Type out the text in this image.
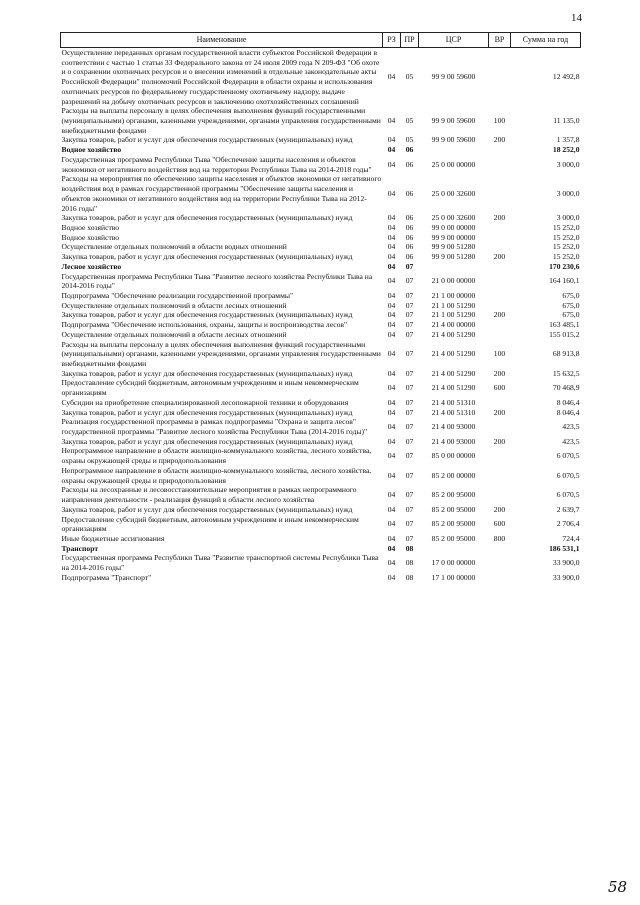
14
Наименование	РЗ	ПР	ЦСР	ВР	Сумма на год
Осуществление переданных органам государственной власти субъектов Российской Федерации в соответствии с частью 1 статьи 33 Федерального закона от 24 июля 2009 года N 209-ФЗ "Об охоте и о сохранении охотничьих ресурсов и о внесении изменений в отдельные законодательные акты Российской Федерации" полномочий Российской Федерации в области охраны и использования охотничьих ресурсов по федеральному государственному охотничьему надзору, выдаче разрешений на добычу охотничьих ресурсов и заключению охотхозяйственных соглашений	04	05	99 9 00 59600		12 492,8
Расходы на выплаты персоналу в целях обеспечения выполнения функций государственными (муниципальными) органами, казенными учреждениями, органами управления государственными внебюджетными фондами	04	05	99 9 00 59600	100	11 135,0
Закупка товаров, работ и услуг для обеспечения государственных (муниципальных) нужд	04	05	99 9 00 59600	200	1 357,8
Водное хозяйство	04	06			18 252,0
Государственная программа Республики Тыва "Обеспечение защиты населения и объектов экономики от негативного воздействия вод на территории Республики Тыва на 2014-2018 годы"	04	06	25 0 00 00000		3 000,0
Расходы на мероприятия по обеспечению защиты населения и объектов экономики от негативного воздействия вод в рамках государственной программы "Обеспечение защиты населения и объектов экономики от негативного воздействия вод на территории Республики Тыва на 2012-2016 годы"	04	06	25 0 00 32600		3 000,0
Закупка товаров, работ и услуг для обеспечения государственных (муниципальных) нужд	04	06	25 0 00 32600	200	3 000,0
Водное хозяйство	04	06	99 0 00 00000		15 252,0
Водное хозяйство	04	06	99 9 00 00000		15 252,0
Осуществление отдельных полномочий в области водных отношений	04	06	99 9 00 51280		15 252,0
Закупка товаров, работ и услуг для обеспечения государственных (муниципальных) нужд	04	06	99 9 00 51280	200	15 252,0
Лесное хозяйство	04	07			170 230,6
Государственная программа Республики Тыва "Развитие лесного хозяйства Республики Тыва на 2014-2016 годы"	04	07	21 0 00 00000		164 160,1
Подпрограмма "Обеспечение реализации государственной программы"	04	07	21 1 00 00000		675,0
Осуществление отдельных полномочий в области лесных отношений	04	07	21 1 00 51290		675,0
Закупка товаров, работ и услуг для обеспечения государственных (муниципальных) нужд	04	07	21 1 00 51290	200	675,0
Подпрограмма "Обеспечение использования, охраны, защиты и воспроизводства лесов"	04	07	21 4 00 00000		163 485,1
Осуществление отдельных полномочий в области лесных отношений	04	07	21 4 00 51290		155 015,2
Расходы на выплаты персоналу в целях обеспечения выполнения функций государственными (муниципальными) органами, казенными учреждениями, органами управления государственными внебюджетными фондами	04	07	21 4 00 51290	100	68 913,8
Закупка товаров, работ и услуг для обеспечения государственных (муниципальных) нужд	04	07	21 4 00 51290	200	15 632,5
Предоставление субсидий бюджетным, автономным учреждениям и иным некоммерческим организациям	04	07	21 4 00 51290	600	70 468,9
Субсидии на приобретение специализированной лесопожарной техники и оборудования	04	07	21 4 00 51310		8 046,4
Закупка товаров, работ и услуг для обеспечения государственных (муниципальных) нужд	04	07	21 4 00 51310	200	8 046,4
Реализация государственной программы в рамках подпрограммы "Охрана и защита лесов" государственной программы "Развитие лесного хозяйства Республики Тыва (2014-2016 годы)"	04	07	21 4 00 93000		423,5
Закупка товаров, работ и услуг для обеспечения государственных (муниципальных) нужд	04	07	21 4 00 93000	200	423,5
Непрограммное направление в области жилищно-коммунального хозяйства, лесного хозяйства, охраны окружающей среды и природопользования	04	07	85 0 00 00000		6 070,5
Непрограммное направление в области жилищно-коммунального хозяйства, лесного хозяйства, охраны окружающей среды и природопользования	04	07	85 2 00 00000		6 070,5
Расходы на лесохранные и лесовосстановительные мероприятия в рамках непрограммного направления деятельности - реализация функций в области лесного хозяйства	04	07	85 2 00 95000		6 070,5
Закупка товаров, работ и услуг для обеспечения государственных (муниципальных) нужд	04	07	85 2 00 95000	200	2 639,7
Предоставление субсидий бюджетным, автономным учреждениям и иным некоммерческим организациям	04	07	85 2 00 95000	600	2 706,4
Иные бюджетные ассигнования	04	07	85 2 00 95000	800	724,4
Транспорт	04	08			186 531,1
Государственная программа Республики Тыва "Развитие транспортной системы Республики Тыва на 2014-2016 годы"	04	08	17 0 00 00000		33 900,0
Подпрограмма "Транспорт"	04	08	17 1 00 00000		33 900,0
58
